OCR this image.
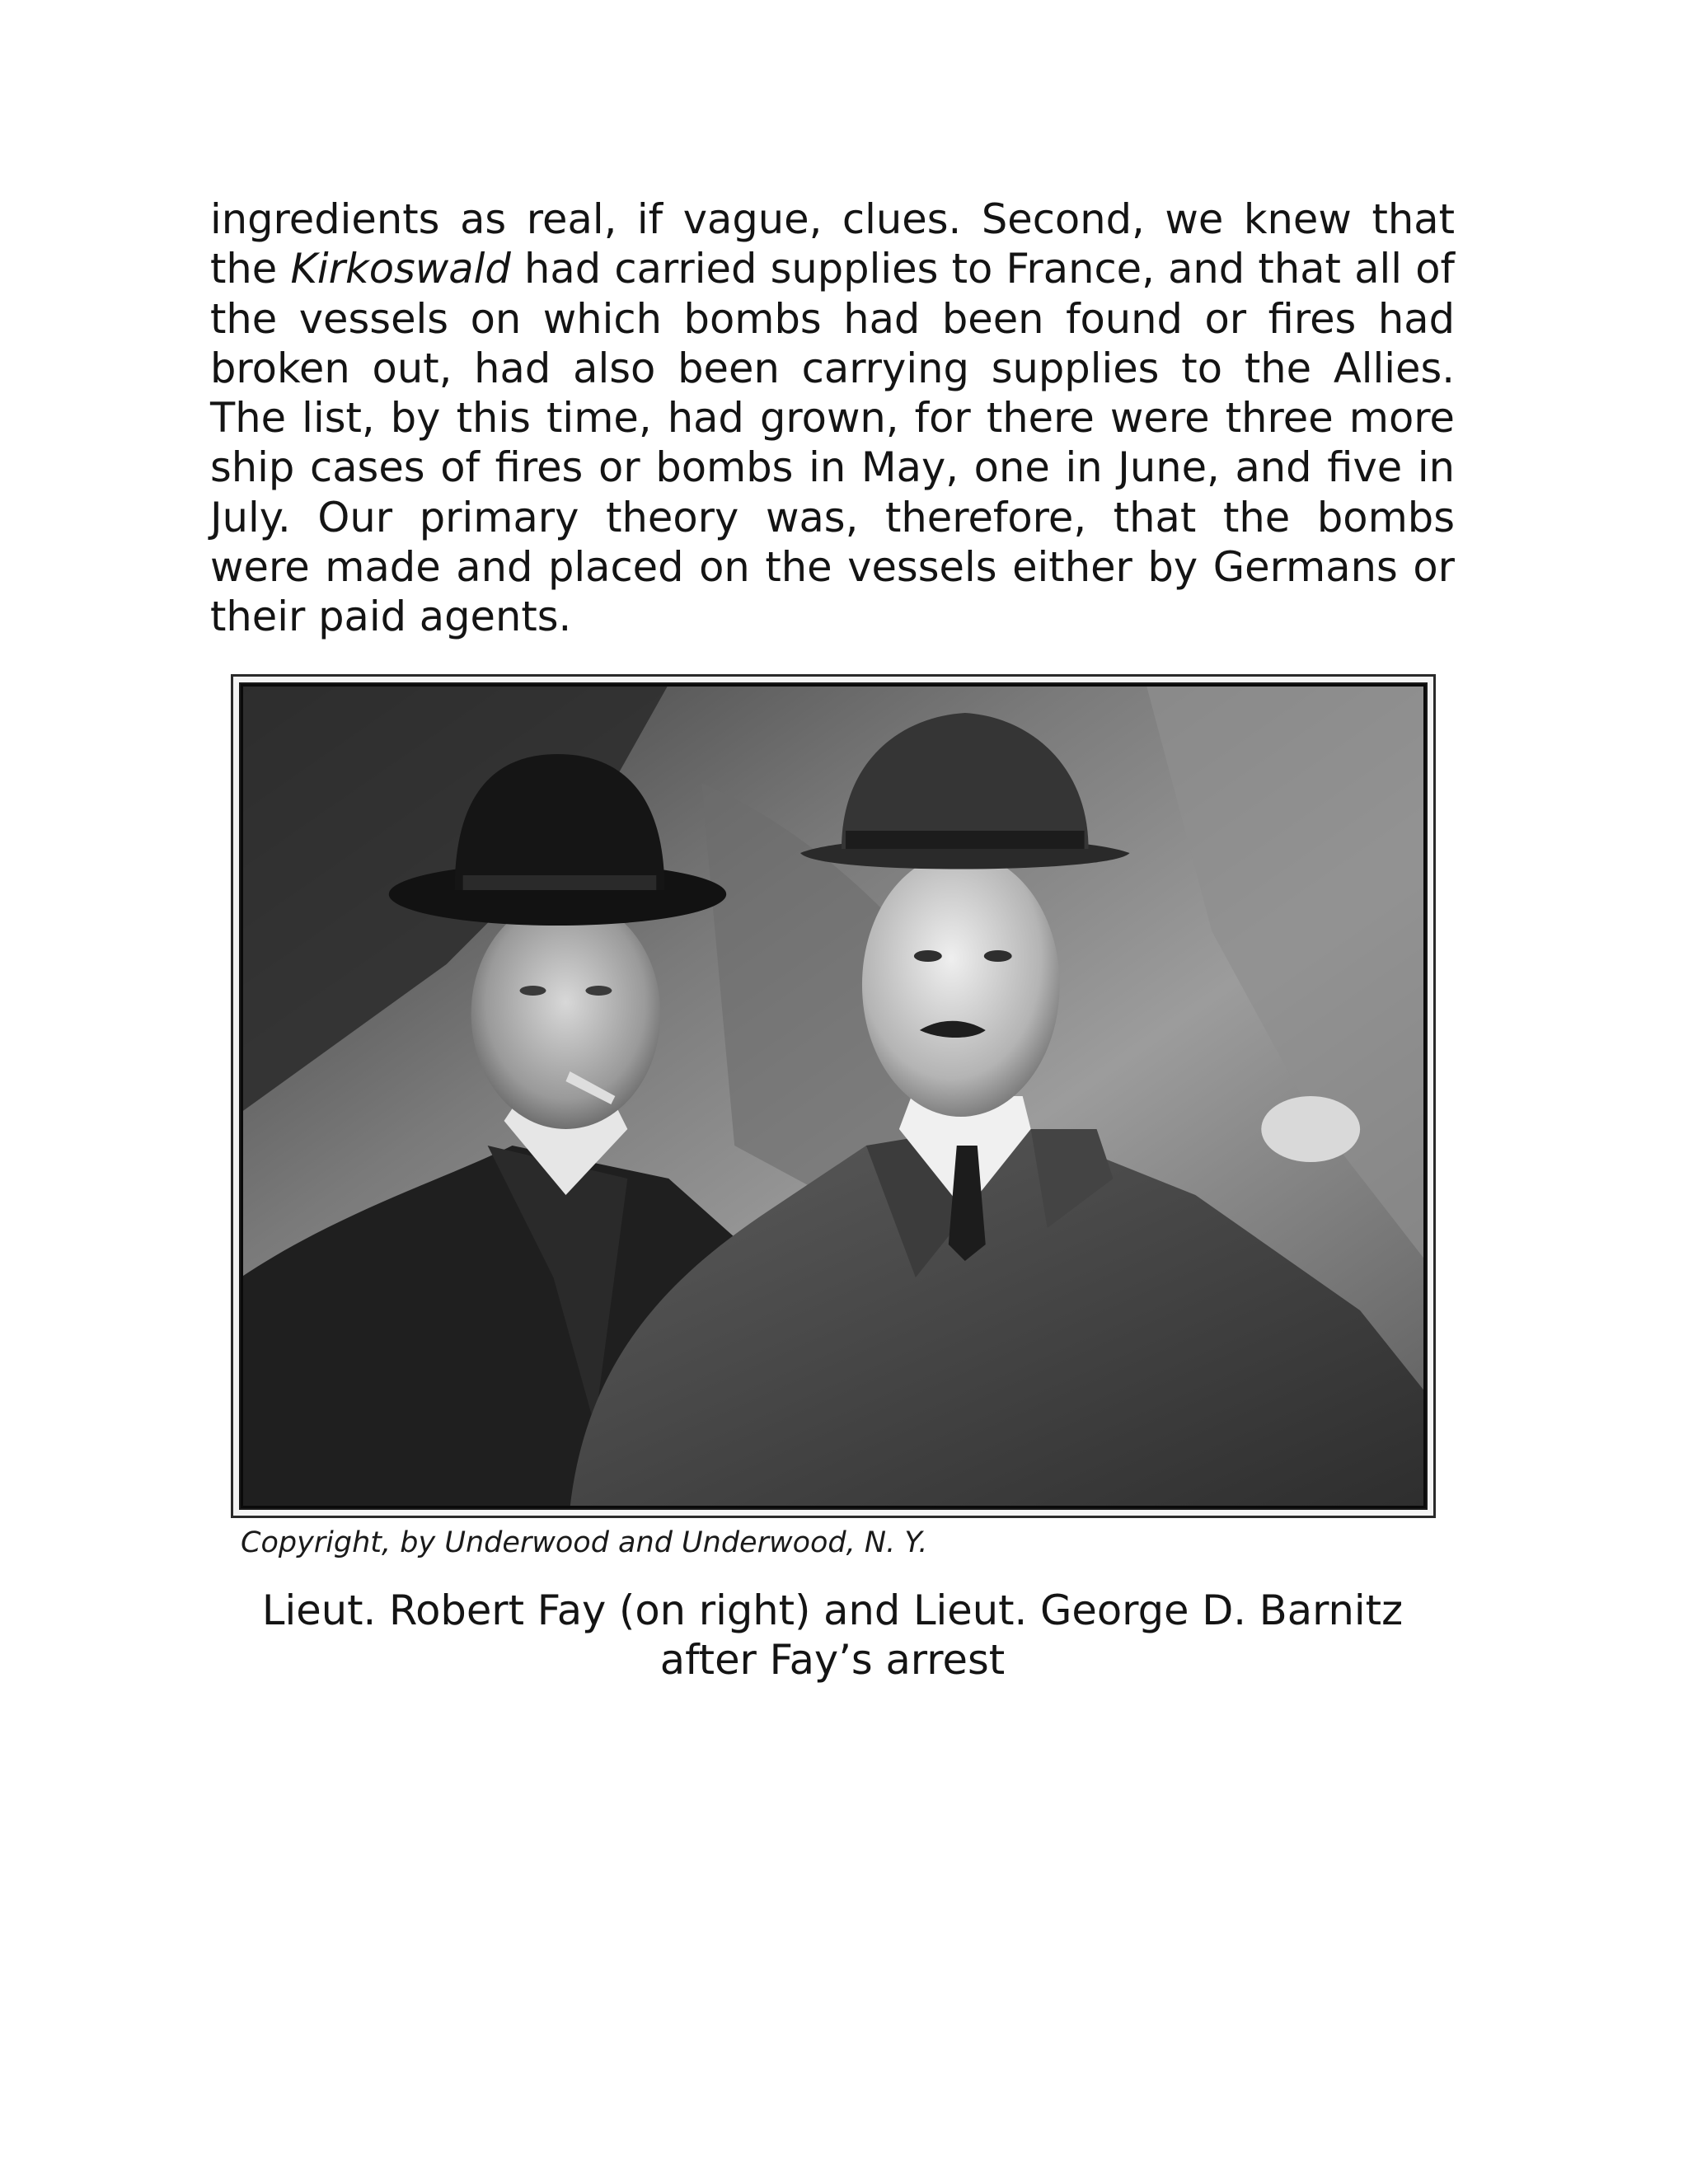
ingredients as real, if vague, clues. Second, we knew that the Kirkoswald had carried supplies to France, and that all of the vessels on which bombs had been found or fires had broken out, had also been carrying supplies to the Allies. The list, by this time, had grown, for there were three more ship cases of fires or bombs in May, one in June, and five in July. Our primary theory was, therefore, that the bombs were made and placed on the vessels either by Germans or their paid agents.

Copyright, by Underwood and Underwood, N. Y.

Lieut. Robert Fay (on right) and Lieut. George D. Barnitz after Fay’s arrest
